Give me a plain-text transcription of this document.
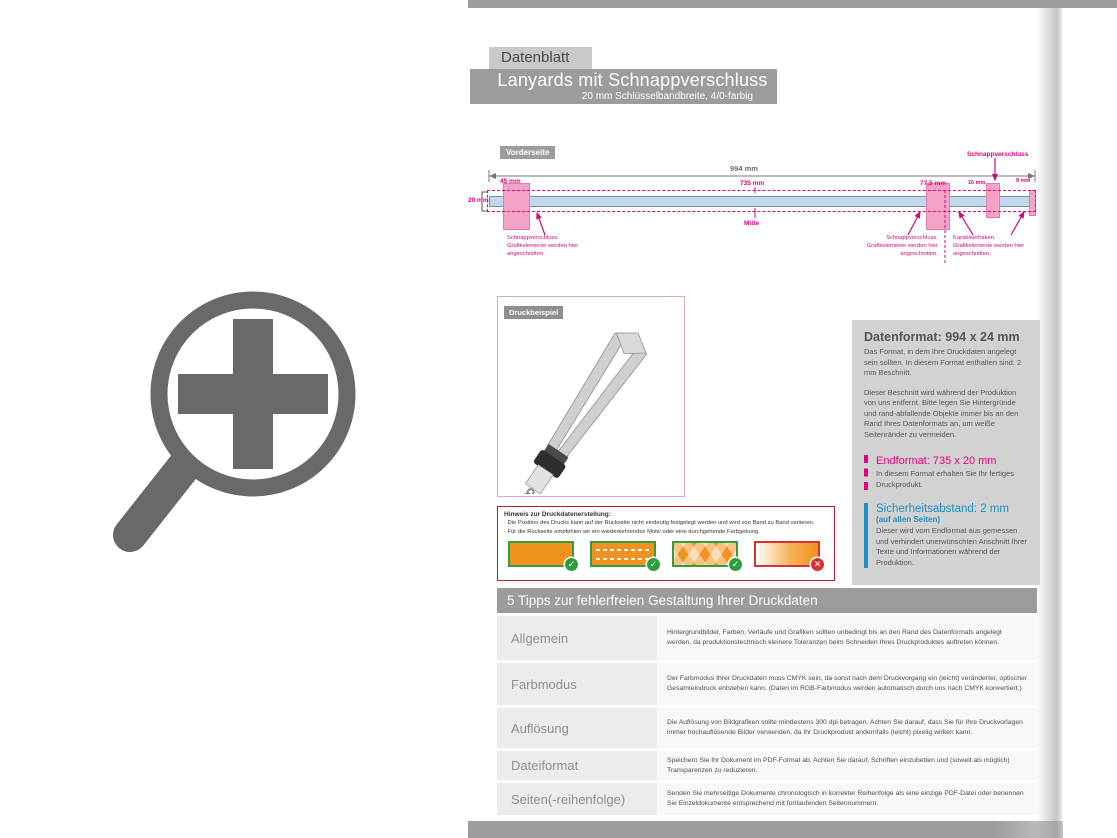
Datenblatt
Lanyards mit Schnappverschluss
20 mm Schlüsselbandbreite, 4/0-farbig
Vorderseite
994 mm
45 mm	735 mm	77,5 mm	16 mm	9 mm
20 mm
Mitte
Schnappverschluss
Schnappverschluss.
Grafikelemente werden hier
angeschnitten.
Schnappverschluss.
Grafikelemente werden hier
angeschnitten.
Karabinerhaken.
Grafikelemente werden hier
angeschnitten.
Druckbeispiel
Datenformat: 994 x 24 mm

Das Format, in dem Ihre Druckdaten angelegt sein sollten. In diesem Format enthalten sind: 2 mm Beschnitt.

Dieser Beschnitt wird während der Produktion von uns entfernt. Bitte legen Sie Hintergründe und rand-abfallende Objekte immer bis an den Rand Ihres Datenformats an, um weiße Seitenränder zu vermeiden.

Endformat: 735 x 20 mm

In diesem Format erhalten Sie Ihr fertiges Druckprodukt.

Sicherheitsabstand: 2 mm

(auf allen Seiten)

Dieser wird vom Endformat aus gemessen und verhindert unerwünschten Anschnitt Ihrer Texte und Informationen während der Produktion.

Hinweis zur Druckdatenerstellung:

· Die Position des Drucks kann auf der Rückseite nicht eindeutig festgelegt werden und wird von Band zu Band variieren.

· Für die Rückseite empfehlen wir ein wiederkehrendes Motiv oder eine durchgehende Farbgebung.

✓	✓	✓	✕
5 Tipps zur fehlerfreien Gestaltung Ihrer Druckdaten
Allgemein	Hintergrundbilder, Farben, Verläufe und Grafiken sollten unbedingt bis an den Rand des Datenformats angelegt werden, da produktionstechnisch kleinere Toleranzen beim Schneiden Ihres Druckproduktes auftreten können.
Farbmodus	Der Farbmodus Ihrer Druckdaten muss CMYK sein, da sonst nach dem Druckvorgang ein (leicht) veränderter, optischer Gesamteindruck entstehen kann. (Daten im RGB-Farbmodus werden automatisch durch uns nach CMYK konvertiert.)
Auflösung	Die Auflösung von Bildgrafiken sollte mindestens 300 dpi betragen. Achten Sie darauf, dass Sie für Ihre Druckvorlagen immer hochauflösende Bilder verwenden, da Ihr Druckprodukt andernfalls (leicht) pixelig wirken kann.
Dateiformat	Speichern Sie Ihr Dokument im PDF-Format ab. Achten Sie darauf, Schriften einzubetten und (soweit als möglich) Transparenzen zu reduzieren.
Seiten(-reihenfolge)	Senden Sie mehrseitige Dokumente chronologisch in korrekter Reihenfolge als eine einzige PDF-Datei oder benennen Sie Einzeldokumente entsprechend mit fortlaufenden Seitennummern.
